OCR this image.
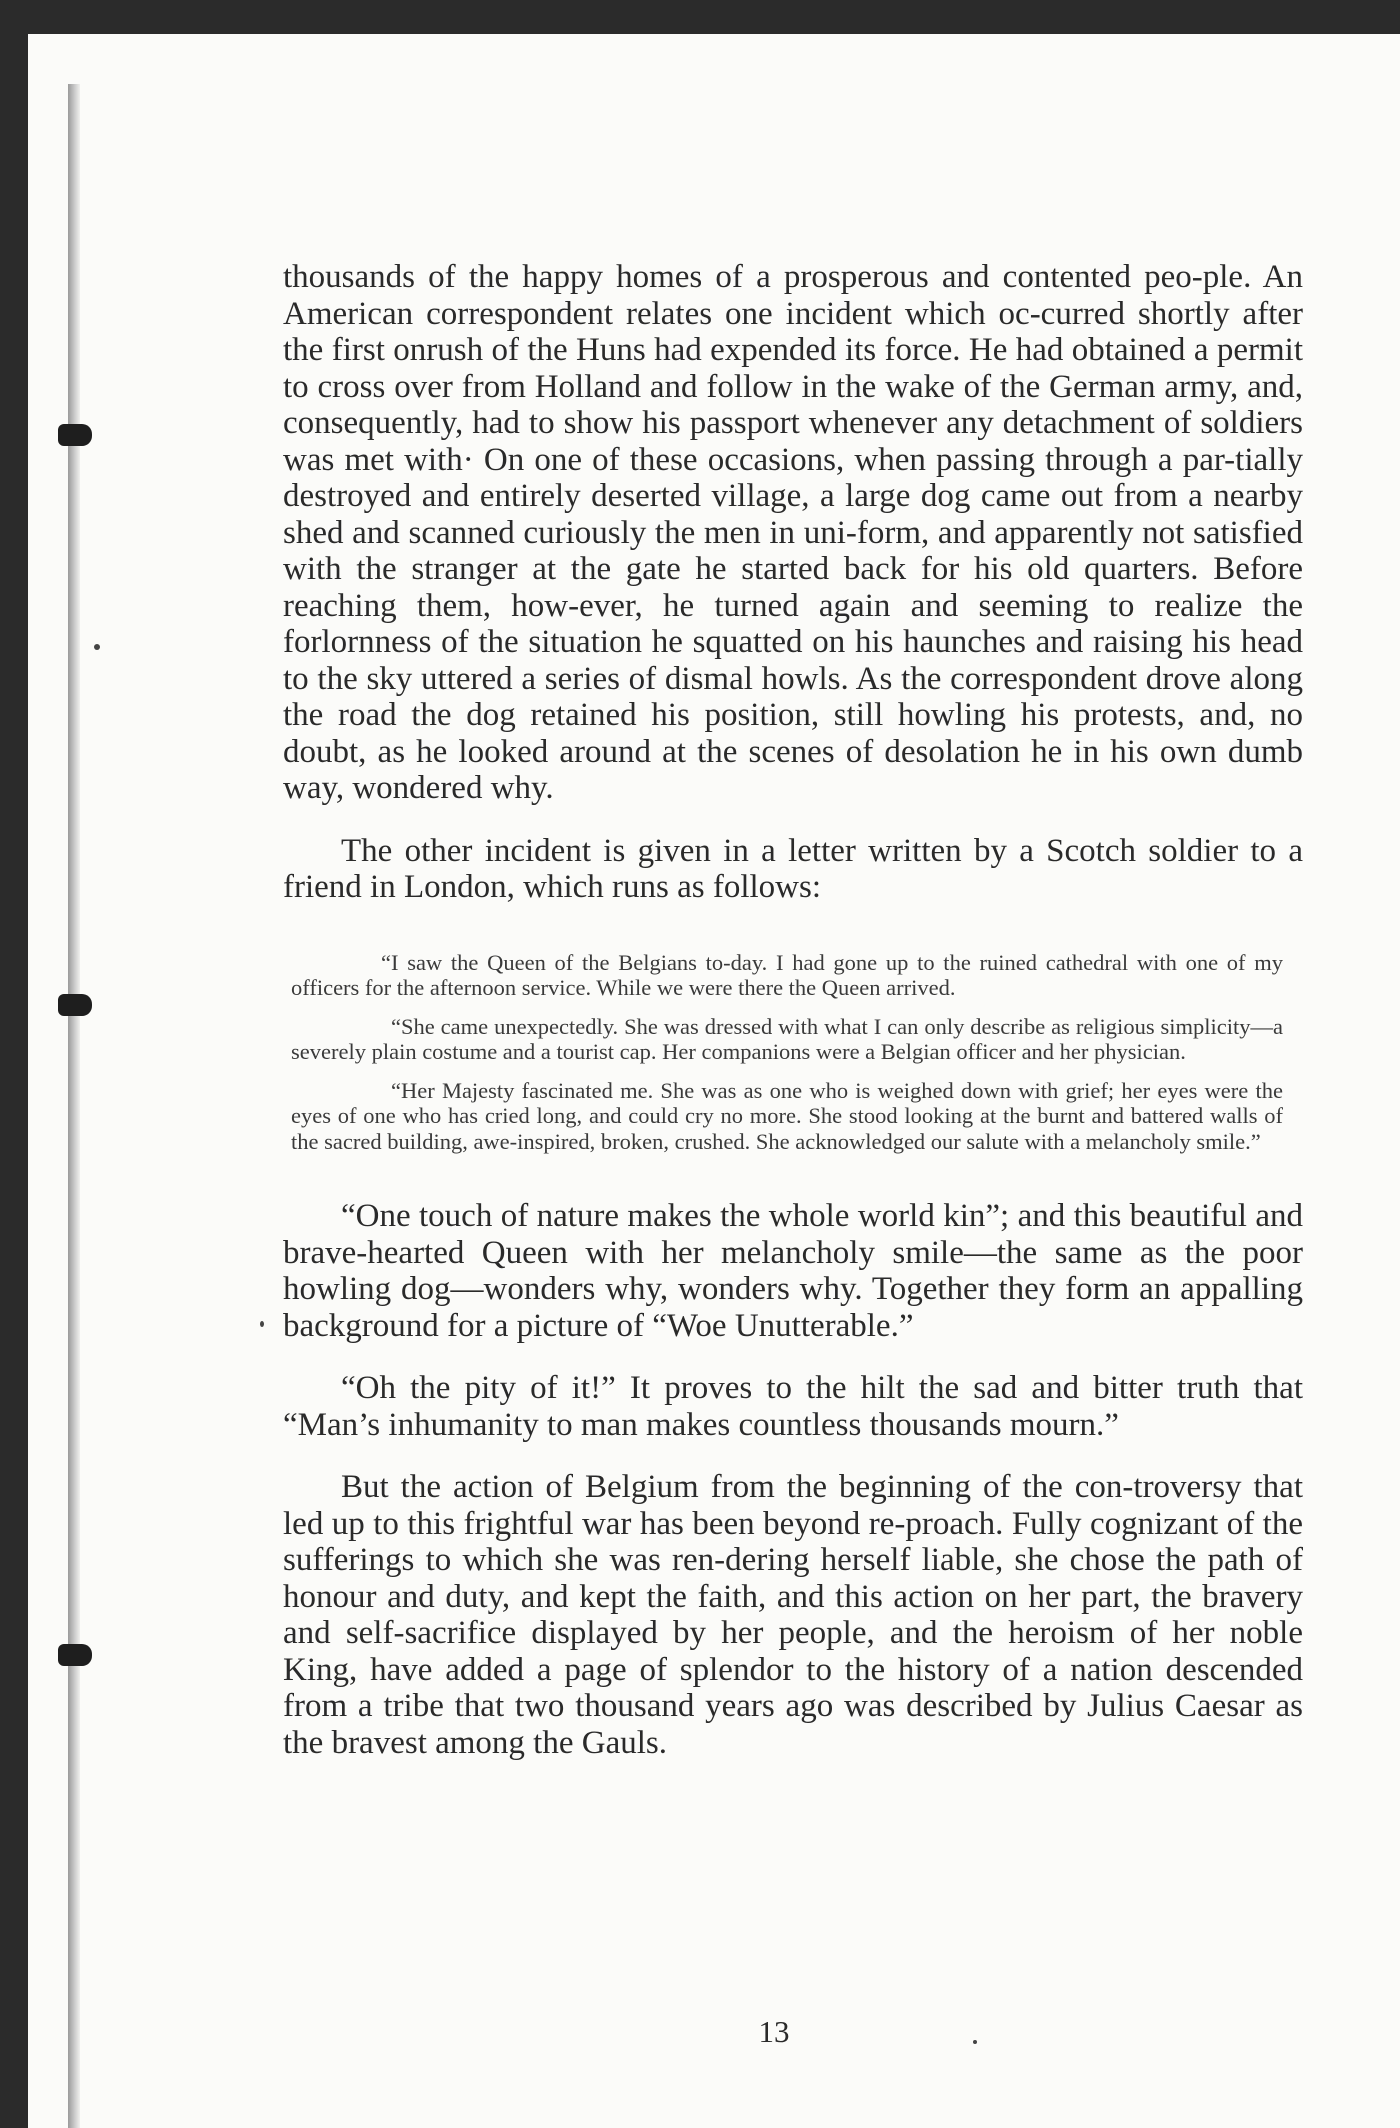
thousands of the happy homes of a prosperous and contented peo-ple. An American correspondent relates one incident which oc-curred shortly after the first onrush of the Huns had expended its force. He had obtained a permit to cross over from Holland and follow in the wake of the German army, and, consequently, had to show his passport whenever any detachment of soldiers was met with· On one of these occasions, when passing through a par-tially destroyed and entirely deserted village, a large dog came out from a nearby shed and scanned curiously the men in uni-form, and apparently not satisfied with the stranger at the gate he started back for his old quarters. Before reaching them, how-ever, he turned again and seeming to realize the forlornness of the situation he squatted on his haunches and raising his head to the sky uttered a series of dismal howls. As the correspondent drove along the road the dog retained his position, still howling his protests, and, no doubt, as he looked around at the scenes of desolation he in his own dumb way, wondered why.

The other incident is given in a letter written by a Scotch soldier to a friend in London, which runs as follows:

“I saw the Queen of the Belgians to-day. I had gone up to the ruined cathedral with one of my officers for the afternoon service. While we were there the Queen arrived.

“She came unexpectedly. She was dressed with what I can only describe as religious simplicity—a severely plain costume and a tourist cap. Her companions were a Belgian officer and her physician.

“Her Majesty fascinated me. She was as one who is weighed down with grief; her eyes were the eyes of one who has cried long, and could cry no more. She stood looking at the burnt and battered walls of the sacred building, awe-inspired, broken, crushed. She acknowledged our salute with a melancholy smile.”

“One touch of nature makes the whole world kin”; and this beautiful and brave-hearted Queen with her melancholy smile—the same as the poor howling dog—wonders why, wonders why. Together they form an appalling background for a picture of “Woe Unutterable.”

“Oh the pity of it!” It proves to the hilt the sad and bitter truth that “Man’s inhumanity to man makes countless thousands mourn.”

But the action of Belgium from the beginning of the con-troversy that led up to this frightful war has been beyond re-proach. Fully cognizant of the sufferings to which she was ren-dering herself liable, she chose the path of honour and duty, and kept the faith, and this action on her part, the bravery and self-sacrifice displayed by her people, and the heroism of her noble King, have added a page of splendor to the history of a nation descended from a tribe that two thousand years ago was described by Julius Caesar as the bravest among the Gauls.

13
